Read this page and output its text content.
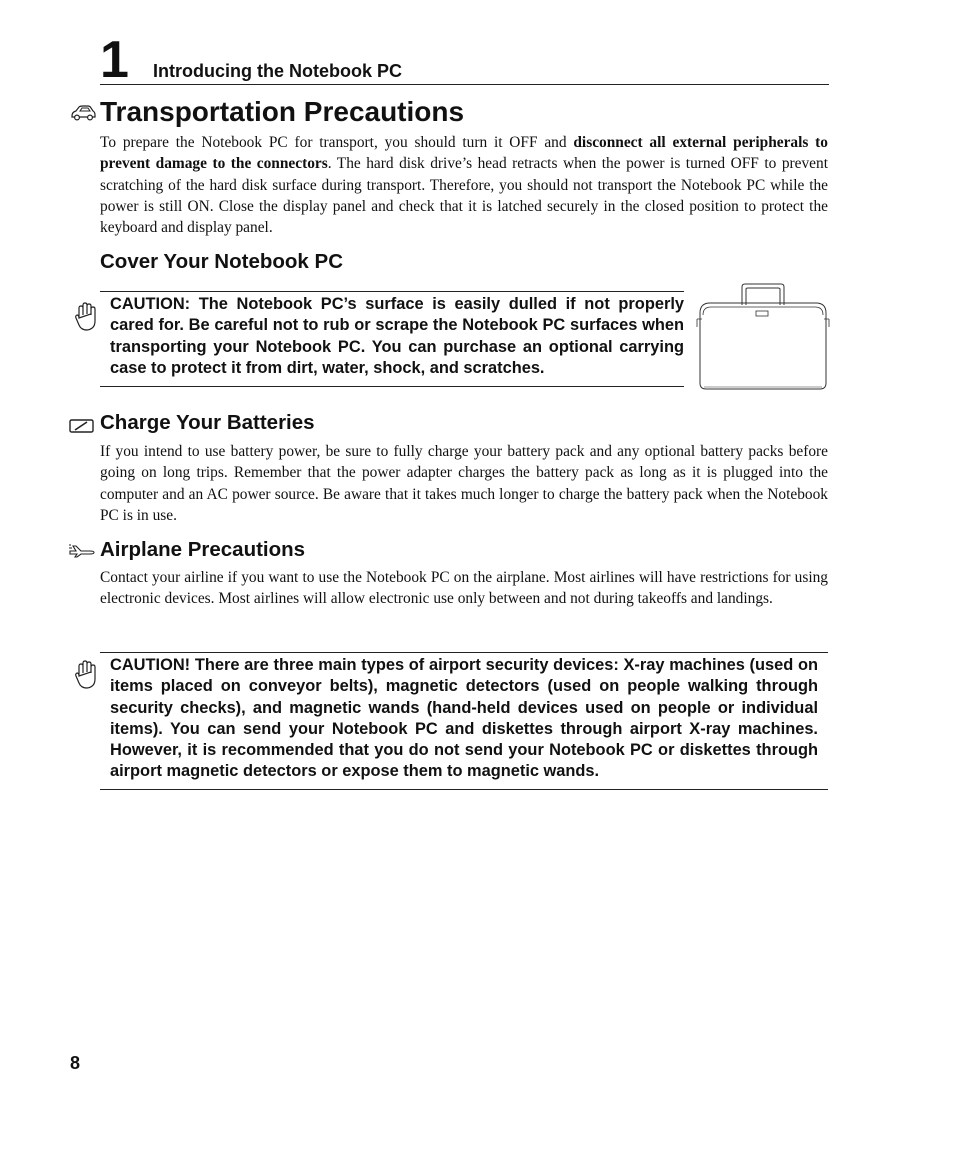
1 Introducing the Notebook PC
Transportation Precautions

To prepare the Notebook PC for transport, you should turn it OFF and disconnect all external peripherals to prevent damage to the connectors. The hard disk drive’s head retracts when the power is turned OFF to prevent scratching of the hard disk surface during transport. Therefore, you should not transport the Notebook PC while the power is still ON. Close the display panel and check that it is latched securely in the closed position to protect the keyboard and display panel.

Cover Your Notebook PC
CAUTION: The Notebook PC’s surface is easily dulled if not properly cared for. Be careful not to rub or scrape the Notebook PC surfaces when transporting your Notebook PC. You can purchase an optional carrying case to protect it from dirt, water, shock, and scratches.
Charge Your Batteries

If you intend to use battery power, be sure to fully charge your battery pack and any optional battery packs before going on long trips. Remember that the power adapter charges the battery pack as long as it is plugged into the computer and an AC power source. Be aware that it takes much longer to charge the battery pack when the Notebook PC is in use.

Airplane Precautions

Contact your airline if you want to use the Notebook PC on the airplane. Most airlines will have restrictions for using electronic devices. Most airlines will allow electronic use only between and not during takeoffs and landings.

CAUTION! There are three main types of airport security devices: X-ray machines (used on items placed on conveyor belts), magnetic detectors (used on people walking through security checks), and magnetic wands (hand-held devices used on people or individual items). You can send your Notebook PC and diskettes through airport X-ray machines. However, it is recommended that you do not send your Notebook PC or diskettes through airport magnetic detectors or expose them to magnetic wands.
8
